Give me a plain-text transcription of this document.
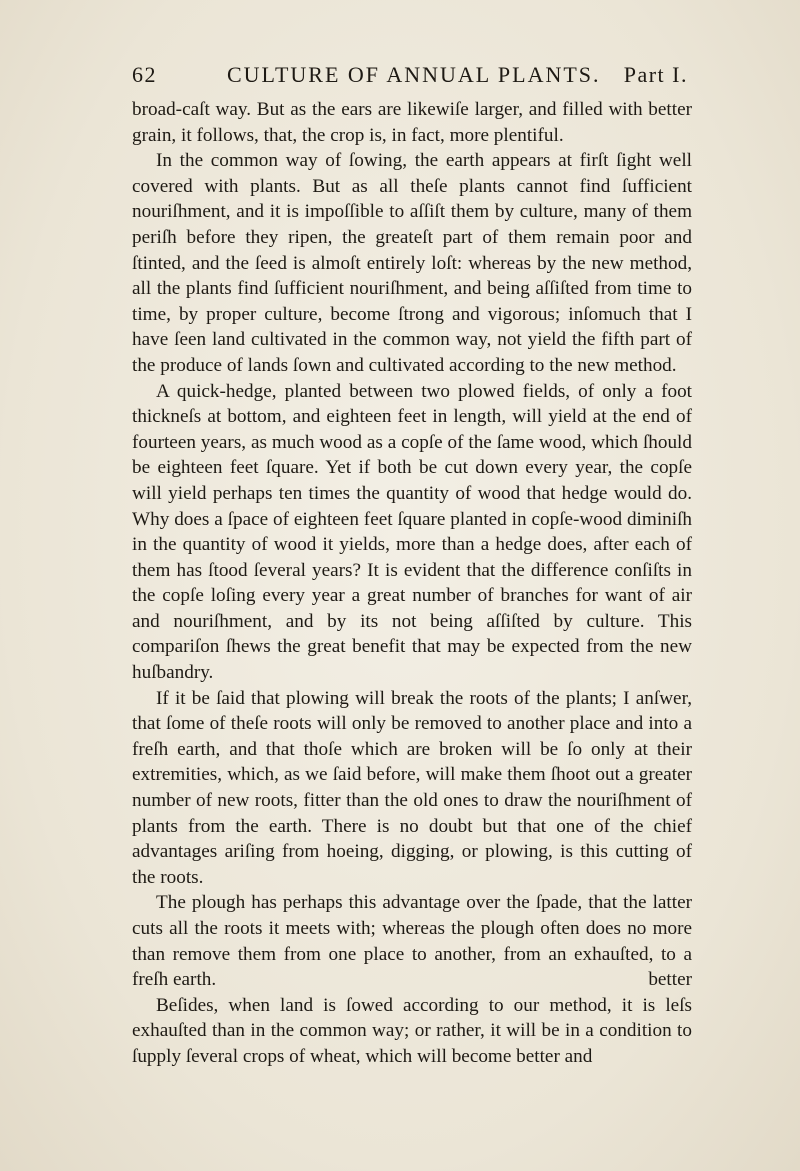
62	CULTURE OF ANNUAL PLANTS. Part I.

broad-caſt way. But as the ears are likewiſe larger, and filled with better grain, it follows, that, the crop is, in fact, more plentiful.

In the common way of ſowing, the earth appears at firſt ſight well covered with plants. But as all theſe plants cannot find ſufficient nouriſhment, and it is impoſſible to aſſiſt them by culture, many of them periſh before they ripen, the greateſt part of them remain poor and ſtinted, and the ſeed is almoſt entirely loſt: whereas by the new method, all the plants find ſufficient nouriſhment, and being aſſiſted from time to time, by proper culture, become ſtrong and vigorous; inſomuch that I have ſeen land cultivated in the common way, not yield the fifth part of the produce of lands ſown and cultivated according to the new method.

A quick-hedge, planted between two plowed fields, of only a foot thickneſs at bottom, and eighteen feet in length, will yield at the end of fourteen years, as much wood as a copſe of the ſame wood, which ſhould be eighteen feet ſquare. Yet if both be cut down every year, the copſe will yield perhaps ten times the quantity of wood that hedge would do. Why does a ſpace of eighteen feet ſquare planted in copſe-wood diminiſh in the quantity of wood it yields, more than a hedge does, after each of them has ſtood ſeveral years? It is evident that the difference conſiſts in the copſe loſing every year a great number of branches for want of air and nouriſhment, and by its not being aſſiſted by culture. This compariſon ſhews the great benefit that may be expected from the new huſbandry.

If it be ſaid that plowing will break the roots of the plants; I anſwer, that ſome of theſe roots will only be removed to another place and into a freſh earth, and that thoſe which are broken will be ſo only at their extremities, which, as we ſaid before, will make them ſhoot out a greater number of new roots, fitter than the old ones to draw the nouriſhment of plants from the earth. There is no doubt but that one of the chief advantages ariſing from hoeing, digging, or plowing, is this cutting of the roots.

The plough has perhaps this advantage over the ſpade, that the latter cuts all the roots it meets with; whereas the plough often does no more than remove them from one place to another, from an exhauſted, to a freſh earth.

Beſides, when land is ſowed according to our method, it is leſs exhauſted than in the common way; or rather, it will be in a condition to ſupply ſeveral crops of wheat, which will become better and

better
